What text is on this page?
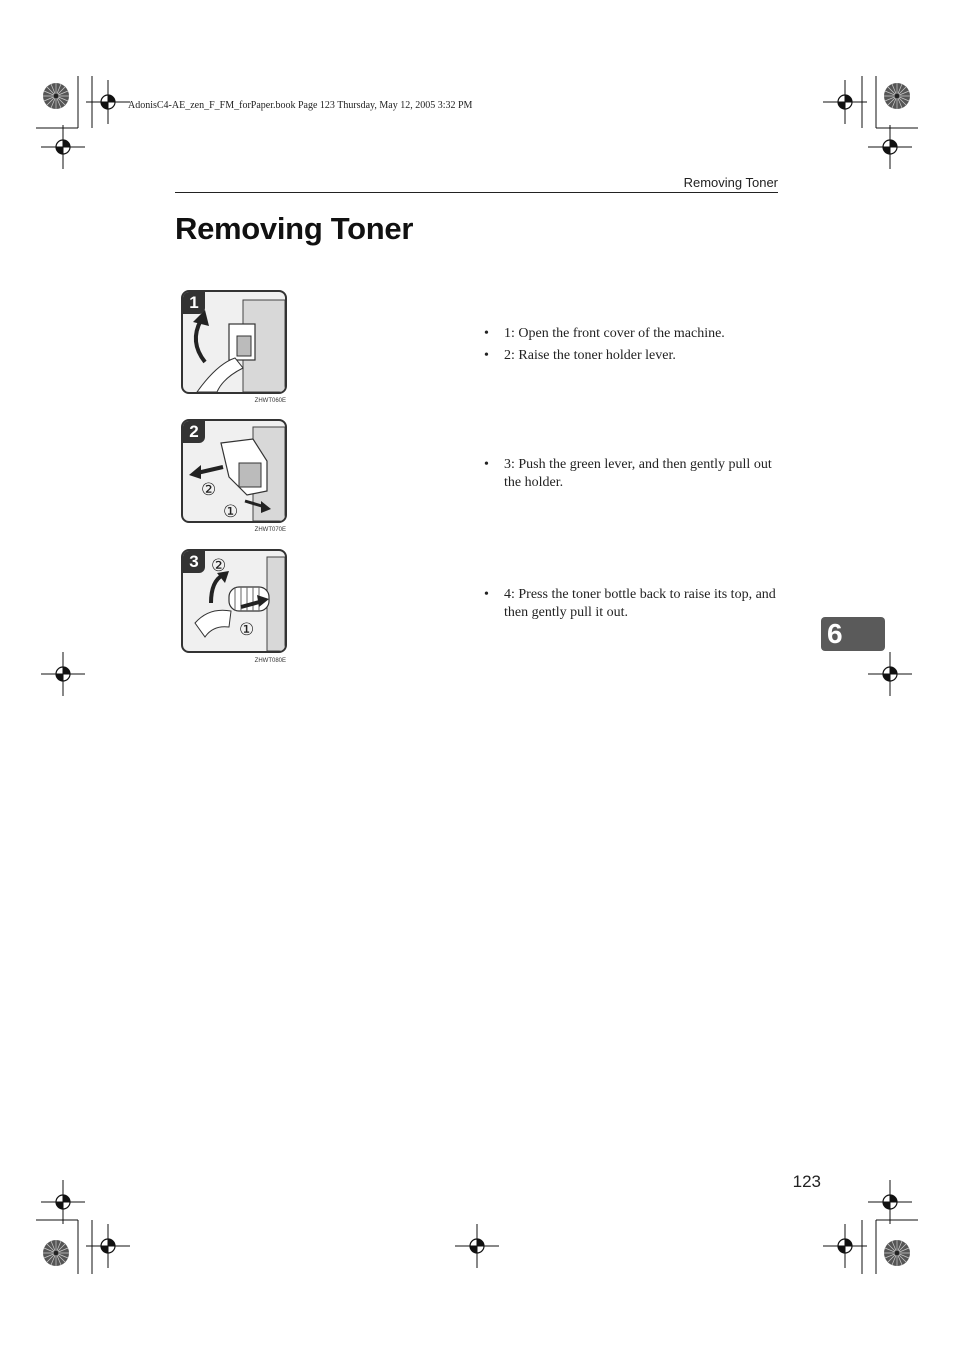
AdonisC4-AE_zen_F_FM_forPaper.book Page 123 Thursday, May 12, 2005 3:32 PM
Removing Toner
Removing Toner
1
ZHWT060E
• 1: Open the front cover of the machine.
• 2: Raise the toner holder lever.
2
②
①
ZHWT070E
• 3: Push the green lever, and then gently pull out the holder.
3 ②
①
ZHWT080E
• 4: Press the toner bottle back to raise its top, and then gently pull it out.
6
123
